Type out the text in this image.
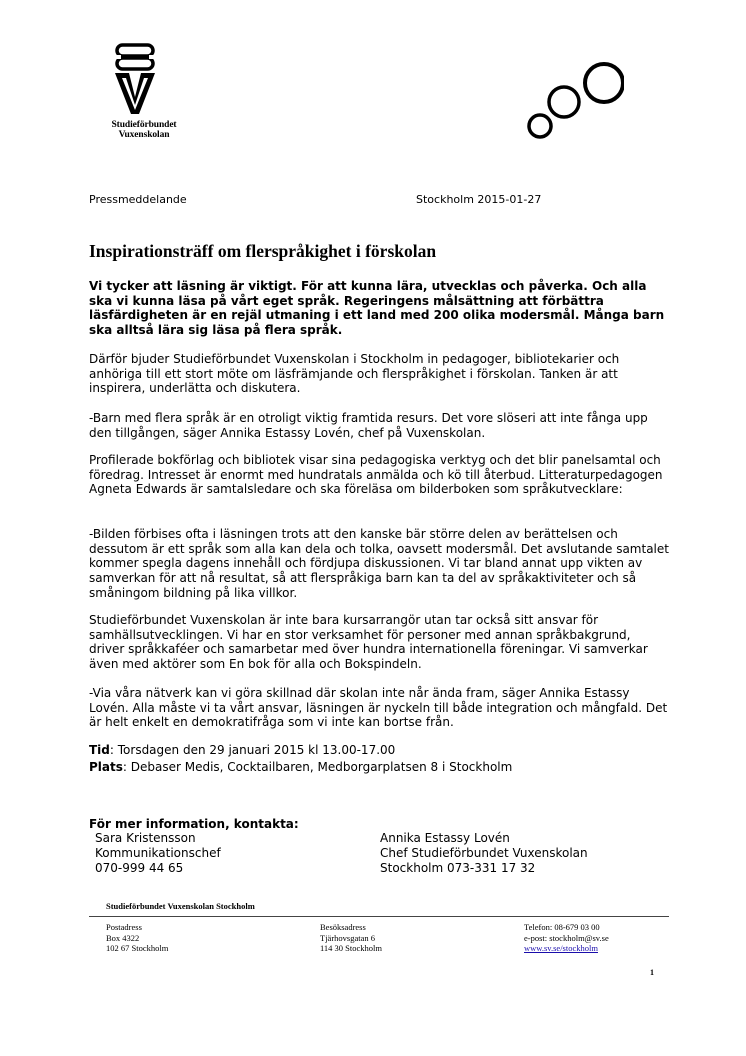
Studieförbundet
Vuxenskolan
Pressmeddelande	Stockholm 2015-01-27
Inspirationsträff om flerspråkighet i förskolan

Vi tycker att läsning är viktigt. För att kunna lära, utvecklas och påverka. Och alla ska vi kunna läsa på vårt eget språk. Regeringens målsättning att förbättra läsfärdigheten är en rejäl utmaning i ett land med 200 olika modersmål. Många barn ska alltså lära sig läsa på flera språk.

Därför bjuder Studieförbundet Vuxenskolan i Stockholm in pedagoger, bibliotekarier och anhöriga till ett stort möte om läsfrämjande och flerspråkighet i förskolan. Tanken är att inspirera, underlätta och diskutera.

-Barn med flera språk är en otroligt viktig framtida resurs. Det vore slöseri att inte fånga upp den tillgången, säger Annika Estassy Lovén, chef på Vuxenskolan.

Profilerade bokförlag och bibliotek visar sina pedagogiska verktyg och det blir panelsamtal och föredrag. Intresset är enormt med hundratals anmälda och kö till återbud. Litteraturpedagogen Agneta Edwards är samtalsledare och ska föreläsa om bilderboken som språkutvecklare:

-Bilden förbises ofta i läsningen trots att den kanske bär större delen av berättelsen och dessutom är ett språk som alla kan dela och tolka, oavsett modersmål. Det avslutande samtalet kommer spegla dagens innehåll och fördjupa diskussionen. Vi tar bland annat upp vikten av samverkan för att nå resultat, så att flerspråkiga barn kan ta del av språkaktiviteter och så småningom bildning på lika villkor.

Studieförbundet Vuxenskolan är inte bara kursarrangör utan tar också sitt ansvar för samhällsutvecklingen. Vi har en stor verksamhet för personer med annan språkbakgrund, driver språkkaféer och samarbetar med över hundra internationella föreningar. Vi samverkar även med aktörer som En bok för alla och Bokspindeln.

-Via våra nätverk kan vi göra skillnad där skolan inte når ända fram, säger Annika Estassy Lovén. Alla måste vi ta vårt ansvar, läsningen är nyckeln till både integration och mångfald. Det är helt enkelt en demokratifråga som vi inte kan bortse från.

Tid: Torsdagen den 29 januari 2015 kl 13.00-17.00
Plats: Debaser Medis, Cocktailbaren, Medborgarplatsen 8 i Stockholm
För mer information, kontakta:
Sara Kristensson
Kommunikationschef
070-999 44 65
Annika Estassy Lovén
Chef Studieförbundet Vuxenskolan
Stockholm 073-331 17 32
Studieförbundet Vuxenskolan Stockholm
Postadress
Box 4322
102 67 Stockholm
Besöksadress
Tjärhovsgatan 6
114 30 Stockholm
Telefon: 08-679 03 00
e-post: stockholm@sv.se
www.sv.se/stockholm
1
